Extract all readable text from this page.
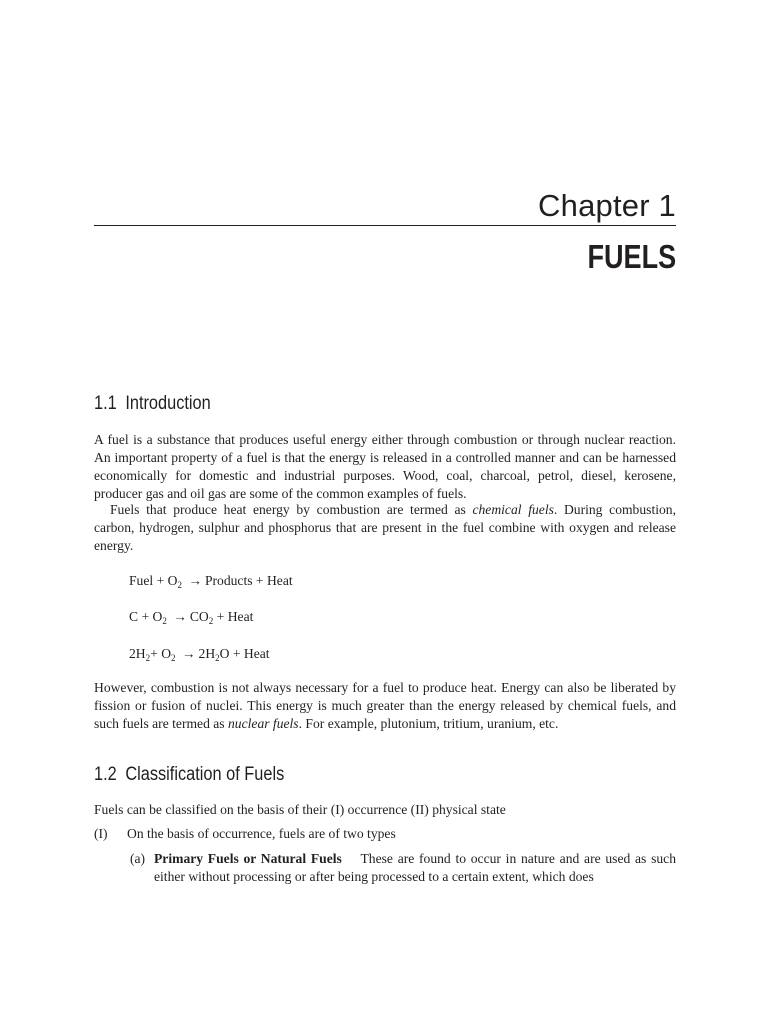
Chapter 1
FUELS
1.1 Introduction

A fuel is a substance that produces useful energy either through combustion or through nuclear reaction. An important property of a fuel is that the energy is released in a controlled manner and can be harnessed economically for domestic and industrial purposes. Wood, coal, charcoal, petrol, diesel, kerosene, producer gas and oil gas are some of the common examples of fuels.

Fuels that produce heat energy by combustion are termed as chemical fuels. During combustion, carbon, hydrogen, sulphur and phosphorus that are present in the fuel combine with oxygen and release energy.

Fuel + $O_2$ → Products + Heat
$C + O_2 \to CO_2$ + Heat
$2H_2+ O_2 \to 2H_2O$ + Heat

However, combustion is not always necessary for a fuel to produce heat. Energy can also be liberated by fission or fusion of nuclei. This energy is much greater than the energy released by chemical fuels, and such fuels are termed as nuclear fuels. For example, plutonium, tritium, uranium, etc.

1.2 Classification of Fuels

Fuels can be classified on the basis of their (I) occurrence (II) physical state

(I) On the basis of occurrence, fuels are of two types
(a) Primary Fuels or Natural Fuels These are found to occur in nature and are used as such either without processing or after being processed to a certain extent, which does
